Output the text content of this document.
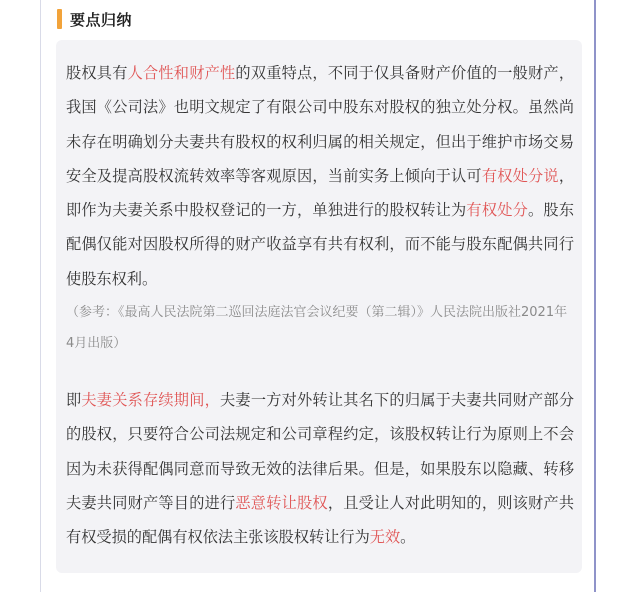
要点归纳

股权具有人合性和财产性的双重特点，不同于仅具备财产价值的一般财产，我国《公司法》也明文规定了有限公司中股东对股权的独立处分权。虽然尚未存在明确划分夫妻共有股权的权利归属的相关规定，但出于维护市场交易安全及提高股权流转效率等客观原因，当前实务上倾向于认可有权处分说，即作为夫妻关系中股权登记的一方，单独进行的股权转让为有权处分。股东配偶仅能对因股权所得的财产收益享有共有权利，而不能与股东配偶共同行使股东权利。

（参考：《最高人民法院第二巡回法庭法官会议纪要（第二辑）》人民法院出版社2021年4月出版）

即夫妻关系存续期间，夫妻一方对外转让其名下的归属于夫妻共同财产部分的股权，只要符合公司法规定和公司章程约定，该股权转让行为原则上不会因为未获得配偶同意而导致无效的法律后果。但是，如果股东以隐藏、转移夫妻共同财产等目的进行恶意转让股权，且受让人对此明知的，则该财产共有权受损的配偶有权依法主张该股权转让行为无效。
